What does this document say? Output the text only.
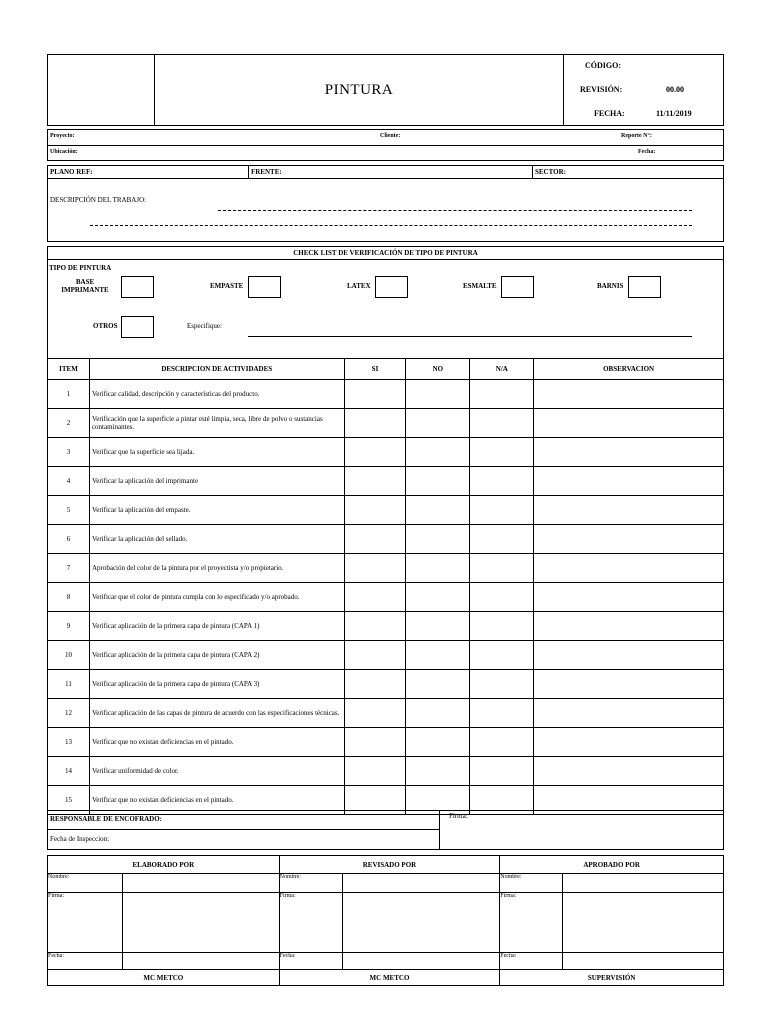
PINTURA
CÓDIGO:
REVISIÓN:	00.00
FECHA:	11/11/2019
Proyecto:	Cliente:	Reporte N°:
Ubicación:	Fecha:
PLANO REF:	FRENTE:	SECTOR:
DESCRIPCIÓN DEL TRABAJO:
CHECK LIST DE VERIFICACIÓN DE TIPO DE PINTURA
TIPO DE PINTURA
BASE
IMPRIMANTE	EMPASTE	LATEX	ESMALTE	BARNIS
OTROS	Especifique:
ITEM	DESCRIPCION DE ACTIVIDADES	SI	NO	N/A	OBSERVACION
1	Verificar calidad, descripción y características del producto.				
2	Verificación que la superficie a pintar esté limpia, seca, libre de polvo o sustancias contaminantes.				
3	Verificar que la superficie sea lijada.				
4	Verificar la aplicación del imprimante				
5	Verificar la aplicación del empaste.				
6	Verificar la aplicación del sellado.				
7	Aprobación del color de la pintura por el proyectista y/o propietario.				
8	Verificar que el color de pintura cumpla con lo especificado y/o aprobado.				
9	Verificar aplicación de la primera capa de pintura (CAPA 1)				
10	Verificar aplicación de la primera capa de pintura (CAPA 2)				
11	Verificar aplicación de la primera capa de pintura (CAPA 3)				
12	Verificar aplicación de las capas de pintura de acuerdo con las especificaciones técnicas.				
13	Verificar que no existan deficiencias en el pintado.				
14	Verificar uniformidad de color.				
15	Verificar que no existan deficiencias en el pintado.				
RESPONSABLE DE ENCOFRADO:	Firma:
Fecha de Inspeccion:
ELABORADO POR		REVISADO POR		APROBADO POR	
Nombre:		Nombre:		Nombre:	
Firma:		Firma:		Firma:	
Fecha:		Fecha:		Fecha:	
MC METCO		MC METCO		SUPERVISIÓN	
